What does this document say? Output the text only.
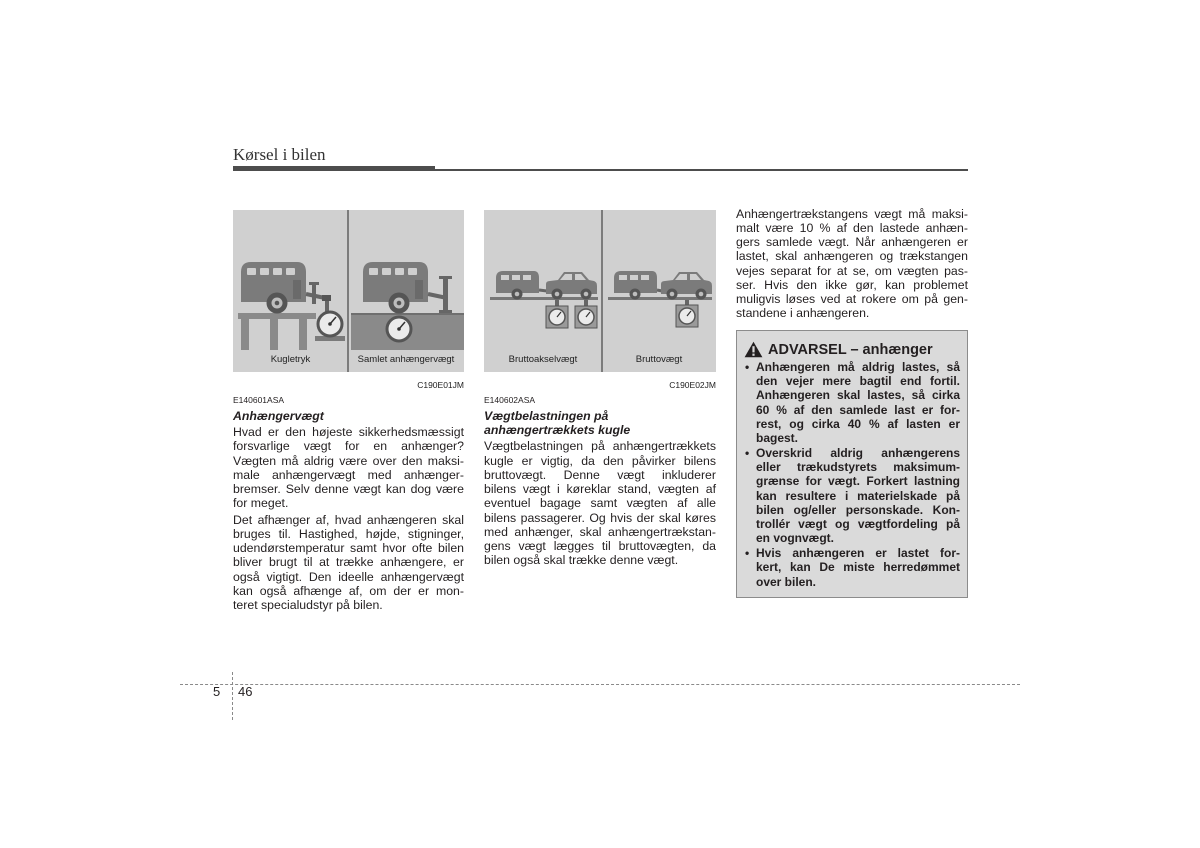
Kørsel i bilen
Kugletryk	Samlet anhængervægt
C190E01JM
Bruttoakselvægt	Bruttovægt
C190E02JM
E140601ASA
Anhængervægt
Hvad er den højeste sikkerhedsmæssigt
forsvarlige vægt for en anhænger?
Vægten må aldrig være over den maksi-
male anhængervægt med anhænger-
bremser. Selv denne vægt kan dog være
for meget.
Det afhænger af, hvad anhængeren skal
bruges til. Hastighed, højde, stigninger,
udendørstemperatur samt hvor ofte bilen
bliver brugt til at trække anhængere, er
også vigtigt. Den ideelle anhængervægt
kan også afhænge af, om der er mon-
teret specialudstyr på bilen.
E140602ASA
Vægtbelastningen på
anhængertrækkets kugle
Vægtbelastningen på anhængertrækkets
kugle er vigtig, da den påvirker bilens
bruttovægt. Denne vægt inkluderer
bilens vægt i køreklar stand, vægten af
eventuel bagage samt vægten af alle
bilens passagerer. Og hvis der skal køres
med anhænger, skal anhængertrækstan-
gens vægt lægges til bruttovægten, da
bilen også skal trække denne vægt.
Anhængertrækstangens vægt må maksi-
malt være 10 % af den lastede anhæn-
gers samlede vægt. Når anhængeren er
lastet, skal anhængeren og trækstangen
vejes separat for at se, om vægten pas-
ser. Hvis den ikke gør, kan problemet
muligvis løses ved at rokere om på gen-
standene i anhængeren.
ADVARSEL – anhænger
• Anhængeren må aldrig lastes, så
den vejer mere bagtil end fortil.
Anhængeren skal lastes, så cirka
60 % af den samlede last er for-
rest, og cirka 40 % af lasten er
bagest.
• Overskrid aldrig anhængerens
eller trækudstyrets maksimum-
grænse for vægt. Forkert lastning
kan resultere i materielskade på
bilen og/eller personskade. Kon-
trollér vægt og vægtfordeling på
en vognvægt.
• Hvis anhængeren er lastet for-
kert, kan De miste herredømmet
over bilen.
5 46
